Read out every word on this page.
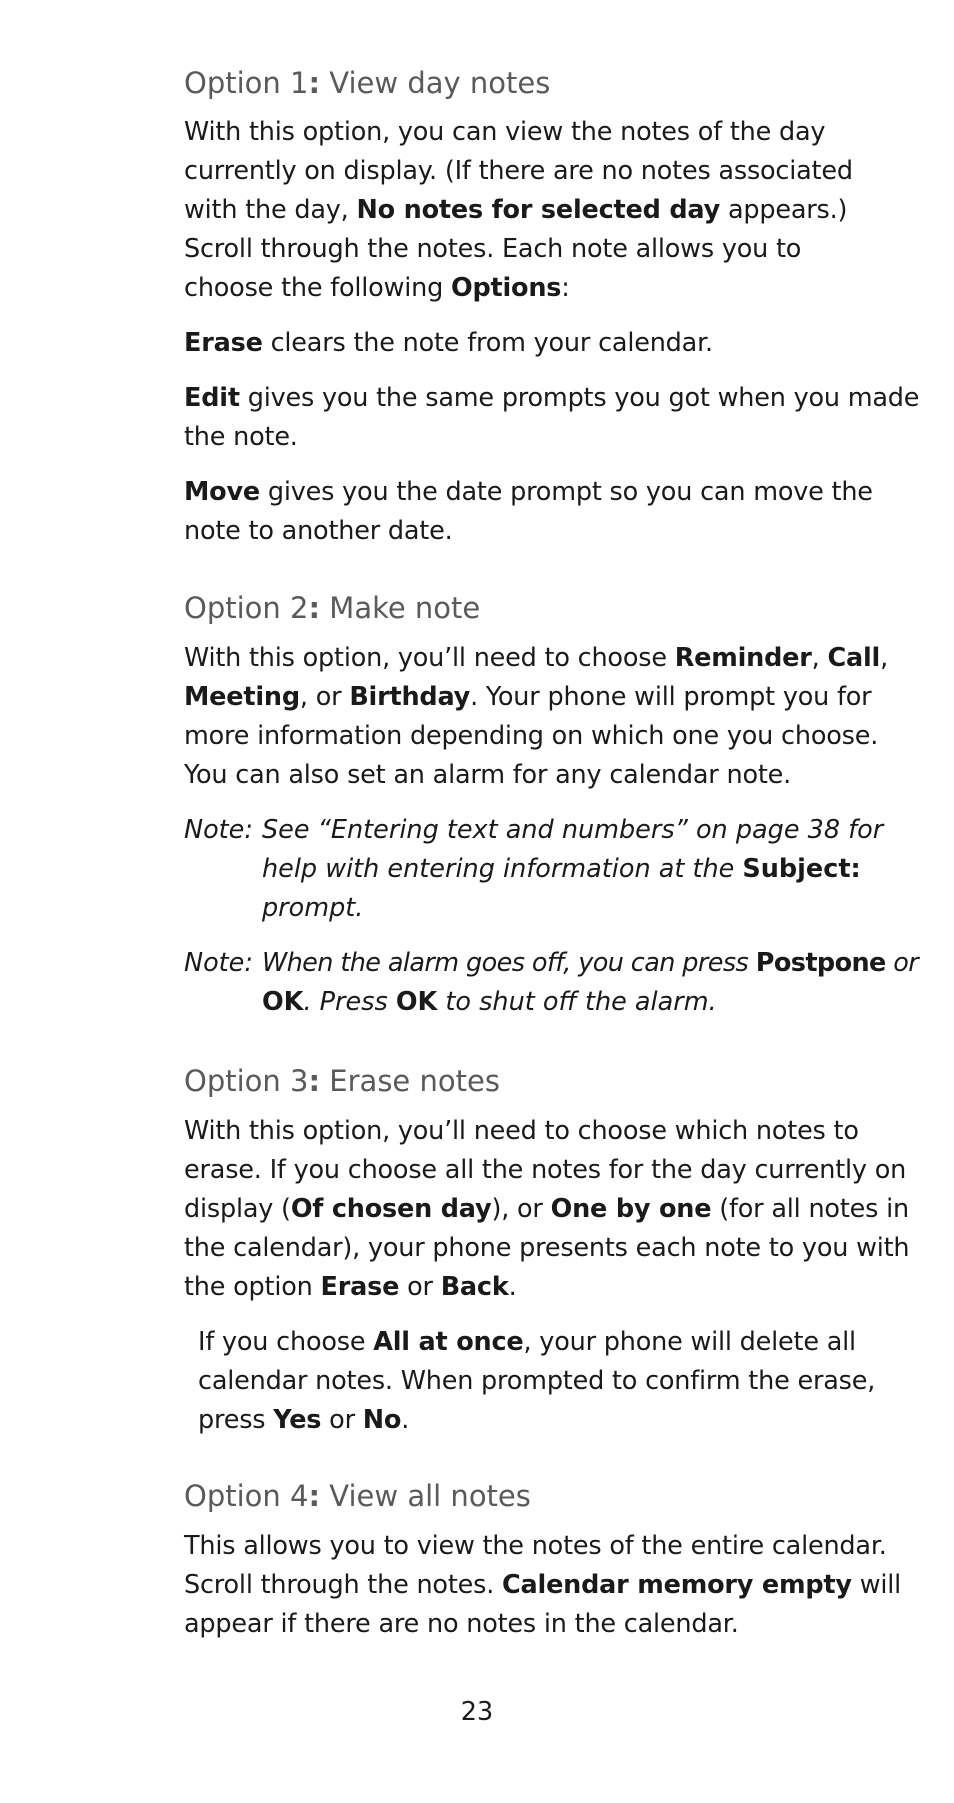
Option 1: View day notes

With this option, you can view the notes of the day

currently on display. (If there are no notes associated

with the day, No notes for selected day appears.)

Scroll through the notes. Each note allows you to

choose the following Options:

Erase clears the note from your calendar.

Edit gives you the same prompts you got when you made

the note.

Move gives you the date prompt so you can move the

note to another date.

Option 2: Make note

With this option, you’ll need to choose Reminder, Call,

Meeting, or Birthday. Your phone will prompt you for

more information depending on which one you choose.

You can also set an alarm for any calendar note.

Note: See “Entering text and numbers” on page 38 for
help with entering information at the Subject:
prompt.
Note: When the alarm goes off, you can press Postpone or
OK. Press OK to shut off the alarm.
Option 3: Erase notes

With this option, you’ll need to choose which notes to

erase. If you choose all the notes for the day currently on

display (Of chosen day), or One by one (for all notes in

the calendar), your phone presents each note to you with

the option Erase or Back.

If you choose All at once, your phone will delete all

calendar notes. When prompted to confirm the erase,

press Yes or No.

Option 4: View all notes

This allows you to view the notes of the entire calendar.

Scroll through the notes. Calendar memory empty will

appear if there are no notes in the calendar.

23
